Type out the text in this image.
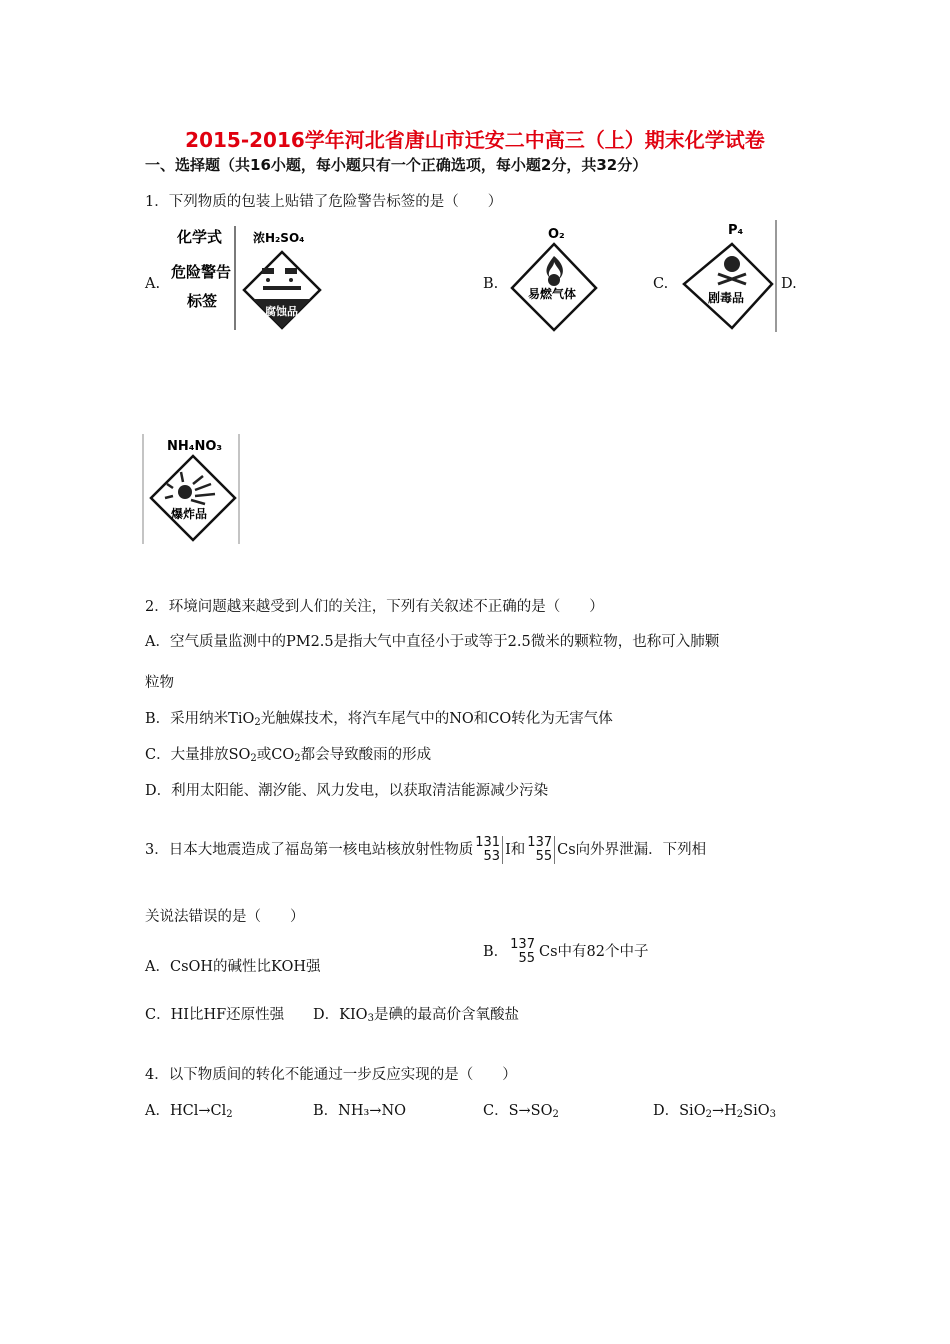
2015-2016学年河北省唐山市迁安二中高三（上）期末化学试卷
一、选择题（共16小题，每小题只有一个正确选项，每小题2分，共32分）
1．下列物质的包装上贴错了危险警告标签的是（　　）
A.
化学式
危险警告
标签
浓H₂SO₄
腐蚀品
B.
O₂
易燃气体
C.
P₄
剧毒品
D.
NH₄NO₃
爆炸品
2．环境问题越来越受到人们的关注，下列有关叙述不正确的是（　　）
A．空气质量监测中的PM2.5是指大气中直径小于或等于2.5微米的颗粒物，也称可入肺颗
粒物
B．采用纳米TiO$_2$光触媒技术，将汽车尾气中的NO和CO转化为无害气体
C．大量排放$SO_2$或$CO_2$都会导致酸雨的形成
D．利用太阳能、潮汐能、风力发电，以获取清洁能源减少污染
3．日本大地震造成了福岛第一核电站核放射性物质 131
53 I和 137
55 Cs向外界泄漏．下列相
关说法错误的是（　　）
A．CsOH的碱性比KOH强
B． 137
55 Cs中有82个中子
C．HI比HF还原性强 D．$KIO_3$是碘的最高价含氧酸盐
4．以下物质间的转化不能通过一步反应实现的是（　　）
A．$HCl\to Cl_2$	B．NH₃→NO	C．$S\to SO_2$	D．$SiO_2\to H_2SiO_3$
